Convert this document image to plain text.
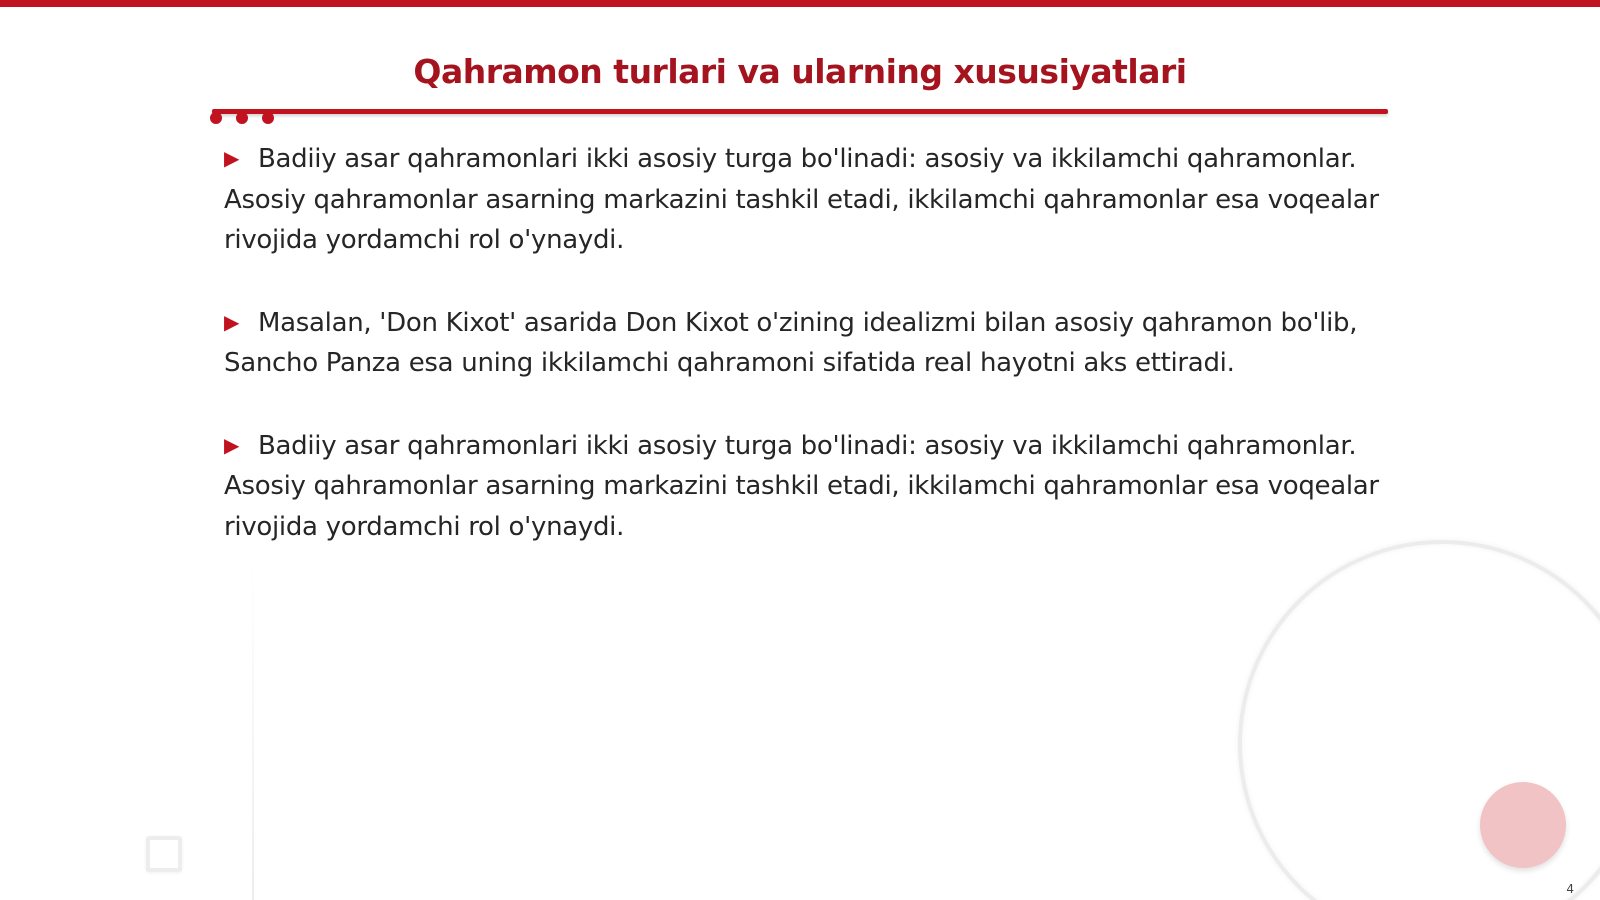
Qahramon turlari va ularning xususiyatlari
▶ Badiiy asar qahramonlari ikki asosiy turga bo'linadi: asosiy va ikkilamchi qahramonlar. Asosiy qahramonlar asarning markazini tashkil etadi, ikkilamchi qahramonlar esa voqealar rivojida yordamchi rol o'ynaydi.
▶ Masalan, 'Don Kixot' asarida Don Kixot o'zining idealizmi bilan asosiy qahramon bo'lib, Sancho Panza esa uning ikkilamchi qahramoni sifatida real hayotni aks ettiradi.
▶ Badiiy asar qahramonlari ikki asosiy turga bo'linadi: asosiy va ikkilamchi qahramonlar. Asosiy qahramonlar asarning markazini tashkil etadi, ikkilamchi qahramonlar esa voqealar rivojida yordamchi rol o'ynaydi.
4
